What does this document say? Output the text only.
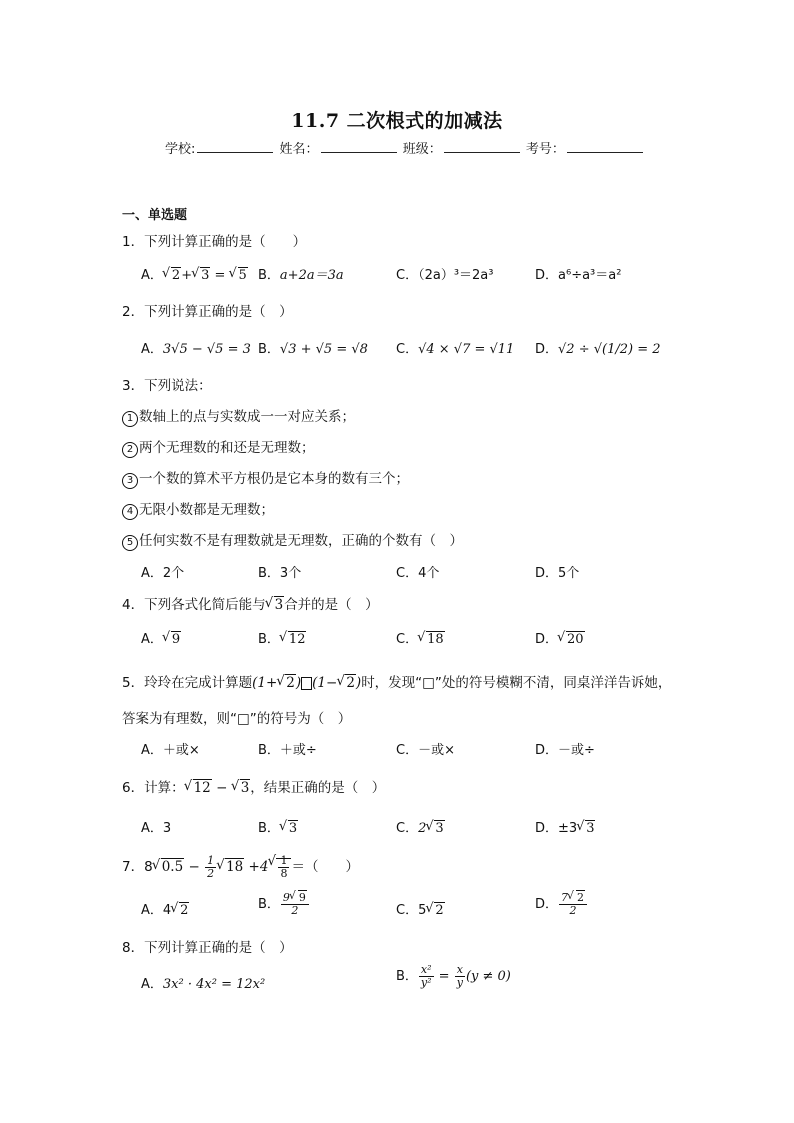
11.7 二次根式的加减法
学校:	姓名：	班级：	考号：
一、单选题
1．下列计算正确的是（　　）
A． √ 2+ √ 3 = √ 5 B．a+2a＝3a	C．（2a）³＝2a³	D．a⁶÷a³＝a²
2．下列计算正确的是（　）
A．3√5 − √5 = 3 B．√3 + √5 = √8 C．√4 × √7 = √11 D．√2 ÷ √(1/2) = 2
3．下列说法：
1 数轴上的点与实数成一一对应关系；
2 两个无理数的和还是无理数；
3 一个数的算术平方根仍是它本身的数有三个；
4 无限小数都是无理数；
5 任何实数不是有理数就是无理数，正确的个数有（　）
A．2个	B．3个	C．4个	D．5个
4．下列各式化简后能与 √ 3合并的是（　）
A． √ 9	B． √ 12	C． √ 18	D． √ 20
5．玲玲在完成计算题(1+ √ 2) (1− √ 2)时，发现“□”处的符号模糊不清，同桌洋洋告诉她，
答案为有理数，则“□”的符号为（　）
A．＋或×	B．＋或÷	C．－或×	D．－或÷
6．计算： √ 12 − √ 3，结果正确的是（　）
A．3	B． √ 3	C．2 √ 3	D．±3 √ 3
7．8 √ $0.5 - \frac{1}{2}$ √ 18 +4 √ $\frac{1}{8}$ ＝（　　）
A．4 √ 2	B． $\frac{9 √ 9}{2}$	C．5 √ 2	D． $\frac{7 √ 2}{2}$
8．下列计算正确的是（　）
A．3x² · 4x² = 12x²
B． $\frac{\text{x²}}{\text{y²}} = \frac{x}{y} (y \ne 0)$
